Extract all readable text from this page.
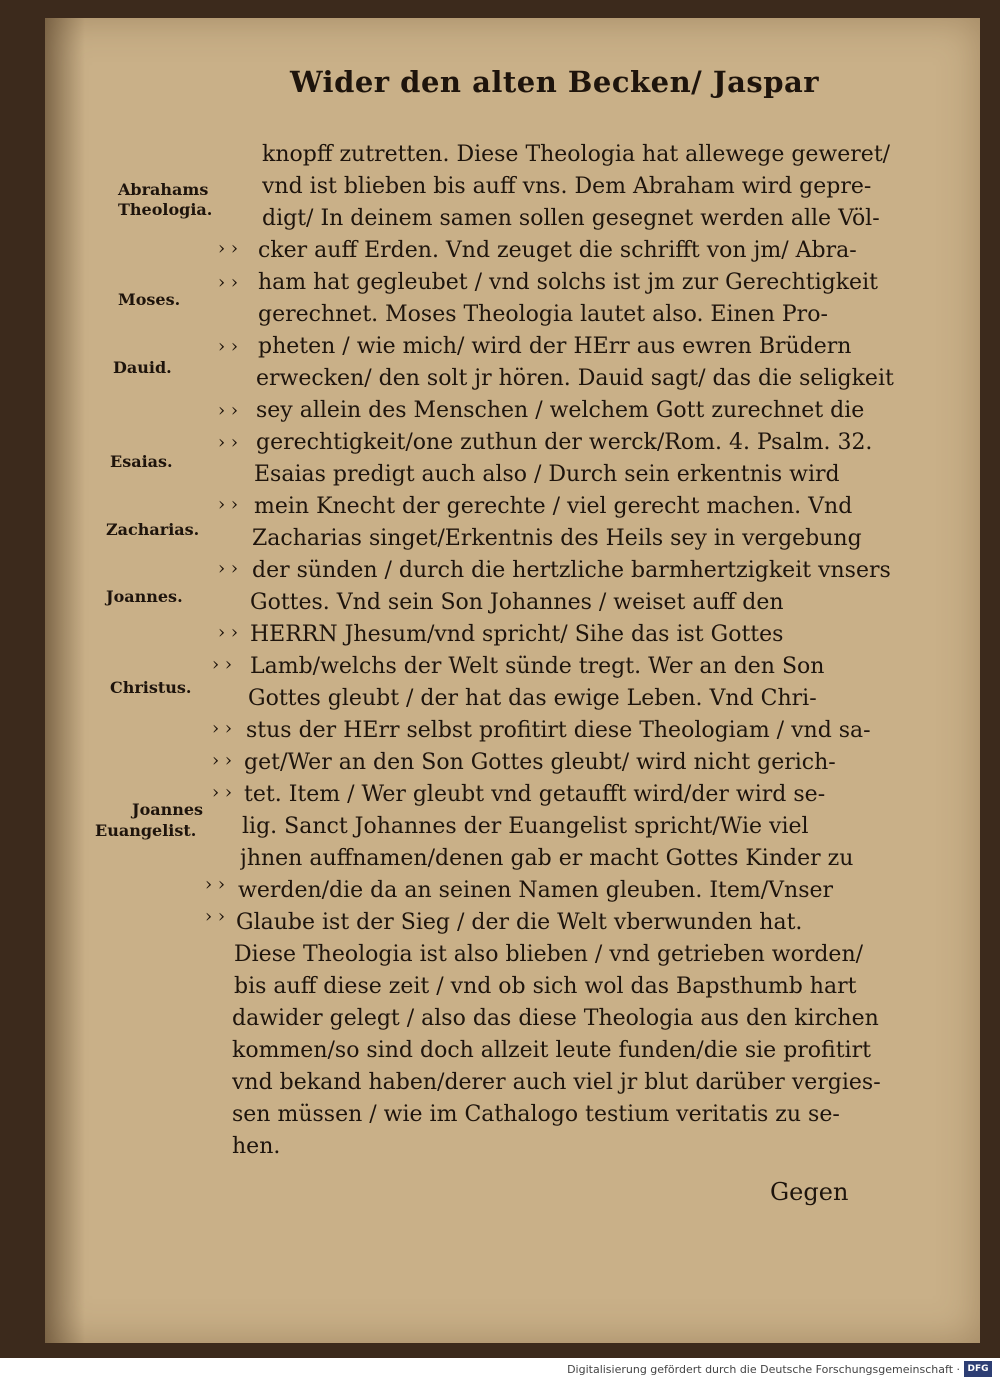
Wider den alten Becken/ Jaspar
Abrahams
Theologia.
Moses.
Dauid.
Esaias.
Zacharias.
Joannes.
Christus.
Joannes
Euangelist.
› ›
› ›
› ›
› ›
› ›
› ›
› ›
› ›
› ›
› ›
› ›
› ›
› ›
› ›
knopff zutretten. Diese Theologia hat allewege geweret/
vnd ist blieben bis auff vns. Dem Abraham wird gepre-
digt/ In deinem samen sollen gesegnet werden alle Völ-
cker auff Erden. Vnd zeuget die schrifft von jm/ Abra-
ham hat gegleubet / vnd solchs ist jm zur Gerechtigkeit
gerechnet. Moses Theologia lautet also. Einen Pro-
pheten / wie mich/ wird der HErr aus ewren Brüdern
erwecken/ den solt jr hören. Dauid sagt/ das die seligkeit
sey allein des Menschen / welchem Gott zurechnet die
gerechtigkeit/one zuthun der werck/Rom. 4. Psalm. 32.
Esaias predigt auch also / Durch sein erkentnis wird
mein Knecht der gerechte / viel gerecht machen. Vnd
Zacharias singet/Erkentnis des Heils sey in vergebung
der sünden / durch die hertzliche barmhertzigkeit vnsers
Gottes. Vnd sein Son Johannes / weiset auff den
HERRN Jhesum/vnd spricht/ Sihe das ist Gottes
Lamb/welchs der Welt sünde tregt. Wer an den Son
Gottes gleubt / der hat das ewige Leben. Vnd Chri-
stus der HErr selbst profitirt diese Theologiam / vnd sa-
get/Wer an den Son Gottes gleubt/ wird nicht gerich-
tet. Item / Wer gleubt vnd getaufft wird/der wird se-
lig. Sanct Johannes der Euangelist spricht/Wie viel
jhnen auffnamen/denen gab er macht Gottes Kinder zu
werden/die da an seinen Namen gleuben. Item/Vnser
Glaube ist der Sieg / der die Welt vberwunden hat.
Diese Theologia ist also blieben / vnd getrieben worden/
bis auff diese zeit / vnd ob sich wol das Bapsthumb hart
dawider gelegt / also das diese Theologia aus den kirchen
kommen/so sind doch allzeit leute funden/die sie profitirt
vnd bekand haben/derer auch viel jr blut darüber vergies-
sen müssen / wie im Cathalogo testium veritatis zu se-
hen.
Gegen
Digitalisierung gefördert durch die Deutsche Forschungsgemeinschaft · DFG
